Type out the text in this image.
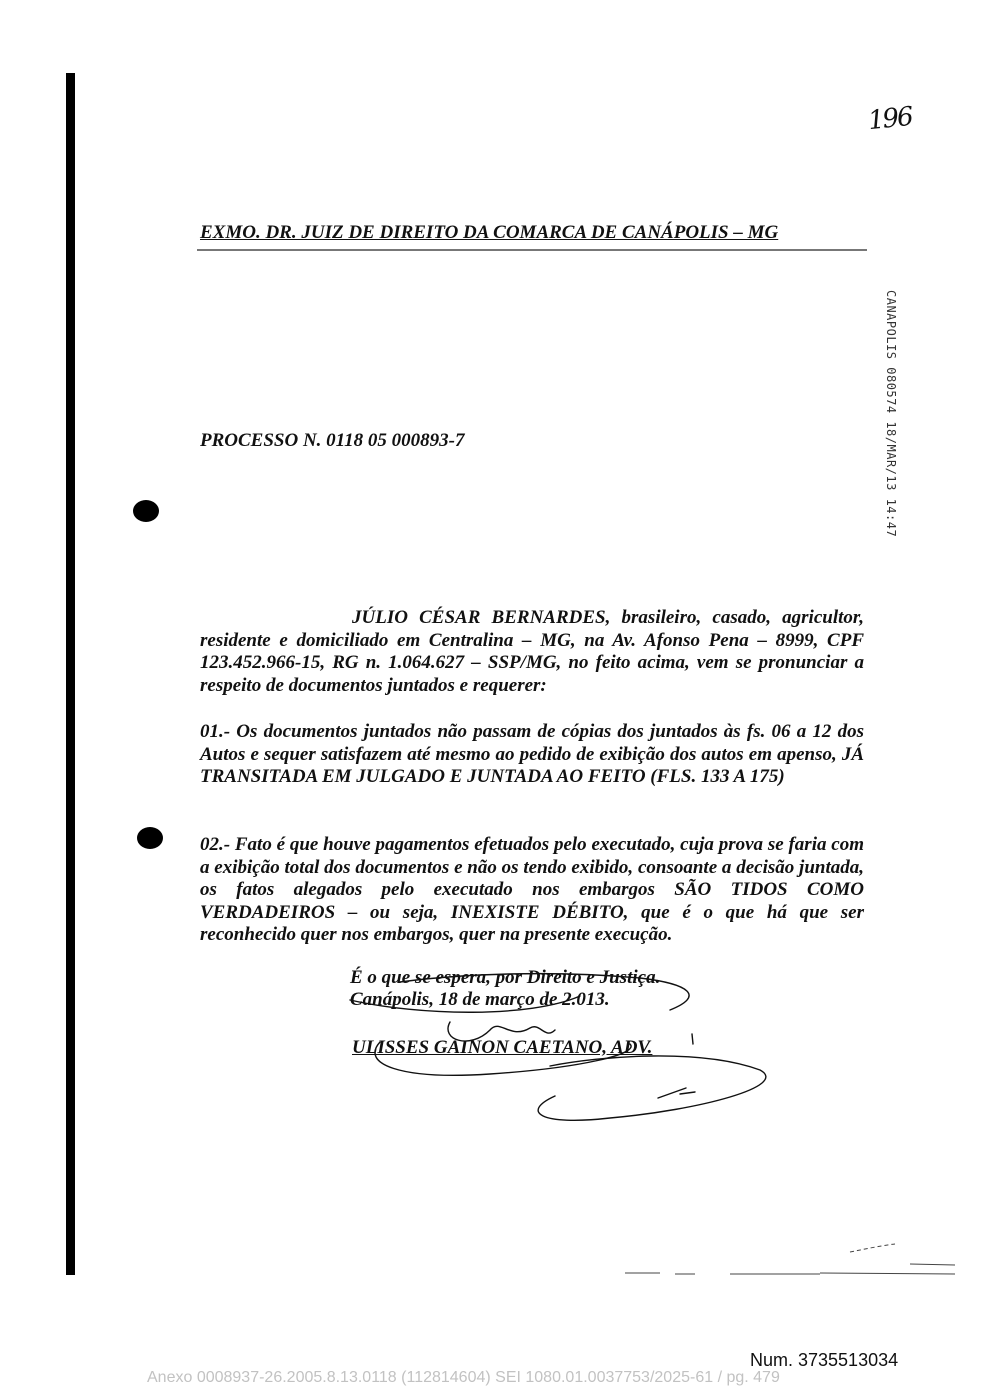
196
EXMO. DR. JUIZ DE DIREITO DA COMARCA DE CANÁPOLIS – MG
CANAPOLIS 080574 18/MAR/13 14:47
PROCESSO N. 0118 05 000893-7
JÚLIO CÉSAR BERNARDES, brasileiro, casado, agricultor, residente e domiciliado em Centralina – MG, na Av. Afonso Pena – 8999, CPF 123.452.966-15, RG n. 1.064.627 – SSP/MG, no feito acima, vem se pronunciar a respeito de documentos juntados e requerer:
01.- Os documentos juntados não passam de cópias dos juntados às fs. 06 a 12 dos Autos e sequer satisfazem até mesmo ao pedido de exibição dos autos em apenso, JÁ TRANSITADA EM JULGADO E JUNTADA AO FEITO (FLS. 133 A 175)
02.- Fato é que houve pagamentos efetuados pelo executado, cuja prova se faria com a exibição total dos documentos e não os tendo exibido, consoante a decisão juntada, os fatos alegados pelo executado nos embargos SÃO TIDOS COMO VERDADEIROS – ou seja, INEXISTE DÉBITO, que é o que há que ser reconhecido quer nos embargos, quer na presente execução.
É o que se espera, por Direito e Justiça.
Canápolis, 18 de março de 2.013.
ULISSES GAINON CAETANO, ADV.
Num. 3735513034
Anexo 0008937-26.2005.8.13.0118 (112814604) SEI 1080.01.0037753/2025-61 / pg. 479
